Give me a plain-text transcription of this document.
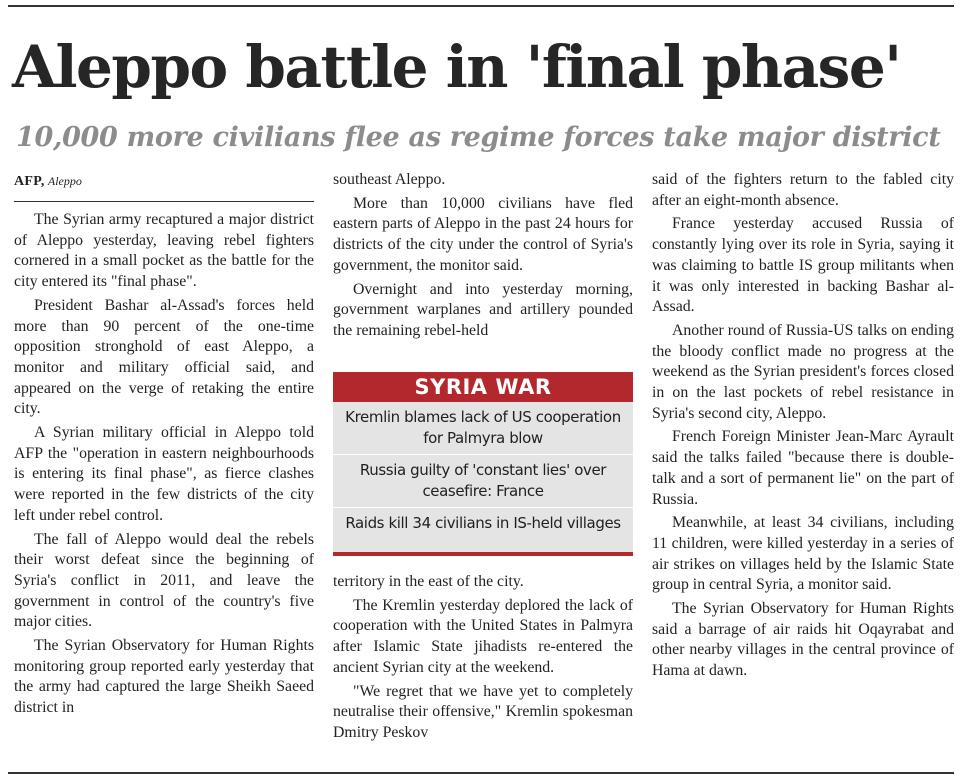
Aleppo battle in 'final phase'
10,000 more civilians flee as regime forces take major district
AFP, Aleppo

The Syrian army recaptured a major district of Aleppo yesterday, leaving rebel fighters cornered in a small pocket as the battle for the city entered its "final phase".

President Bashar al-Assad's forces held more than 90 percent of the one-time opposition stronghold of east Aleppo, a monitor and military official said, and appeared on the verge of retaking the entire city.

A Syrian military official in Aleppo told AFP the "operation in eastern neighbourhoods is entering its final phase", as fierce clashes were reported in the few districts of the city left under rebel control.

The fall of Aleppo would deal the rebels their worst defeat since the beginning of Syria's conflict in 2011, and leave the government in control of the country's five major cities.

The Syrian Observatory for Human Rights monitoring group reported early yesterday that the army had captured the large Sheikh Saeed district in

southeast Aleppo.

More than 10,000 civilians have fled eastern parts of Aleppo in the past 24 hours for districts of the city under the control of Syria's government, the monitor said.

Overnight and into yesterday morning, government warplanes and artillery pounded the remaining rebel-held

SYRIA WAR
Kremlin blames lack of US cooperation for Palmyra blow
Russia guilty of 'constant lies' over ceasefire: France
Raids kill 34 civilians in IS-held villages

territory in the east of the city.

The Kremlin yesterday deplored the lack of cooperation with the United States in Palmyra after Islamic State jihadists re-entered the ancient Syrian city at the weekend.

"We regret that we have yet to completely neutralise their offensive," Kremlin spokesman Dmitry Peskov

said of the fighters return to the fabled city after an eight-month absence.

France yesterday accused Russia of constantly lying over its role in Syria, saying it was claiming to battle IS group militants when it was only interested in backing Bashar al-Assad.

Another round of Russia-US talks on ending the bloody conflict made no progress at the weekend as the Syrian president's forces closed in on the last pockets of rebel resistance in Syria's second city, Aleppo.

French Foreign Minister Jean-Marc Ayrault said the talks failed "because there is double-talk and a sort of permanent lie" on the part of Russia.

Meanwhile, at least 34 civilians, including 11 children, were killed yesterday in a series of air strikes on villages held by the Islamic State group in central Syria, a monitor said.

The Syrian Observatory for Human Rights said a barrage of air raids hit Oqayrabat and other nearby villages in the central province of Hama at dawn.
